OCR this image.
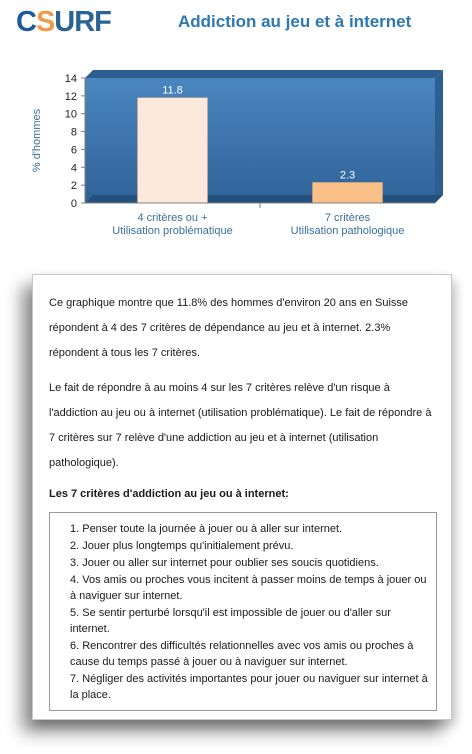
CSURF	Addiction au jeu et à internet
0
2
4
6
8
10
12
14
11.8
4 critères ou +
Utilisation problématique
2.3
7 critères
Utilisation pathologique
% d'hommes

Ce graphique montre que 11.8% des hommes d'environ 20 ans en Suisse répondent à 4 des 7 critères de dépendance au jeu et à internet. 2.3% répondent à tous les 7 critères.

Le fait de répondre à au moins 4 sur les 7 critères relève d'un risque à l'addiction au jeu ou à internet (utilisation problématique). Le fait de répondre à 7 critères sur 7 relève d'une addiction au jeu et à internet (utilisation pathologique).

Les 7 critères d'addiction au jeu ou à internet:
1. Penser toute la journée à jouer ou à aller sur internet.
2. Jouer plus longtemps qu'initialement prévu.
3. Jouer ou aller sur internet pour oublier ses soucis quotidiens.
4. Vos amis ou proches vous incitent à passer moins de temps à jouer ou à naviguer sur internet.
5. Se sentir perturbé lorsqu'il est impossible de jouer ou d'aller sur internet.
6. Rencontrer des difficultés relationnelles avec vos amis ou proches à cause du temps passé à jouer ou à naviguer sur internet.
7. Négliger des activités importantes pour jouer ou naviguer sur internet à la place.
